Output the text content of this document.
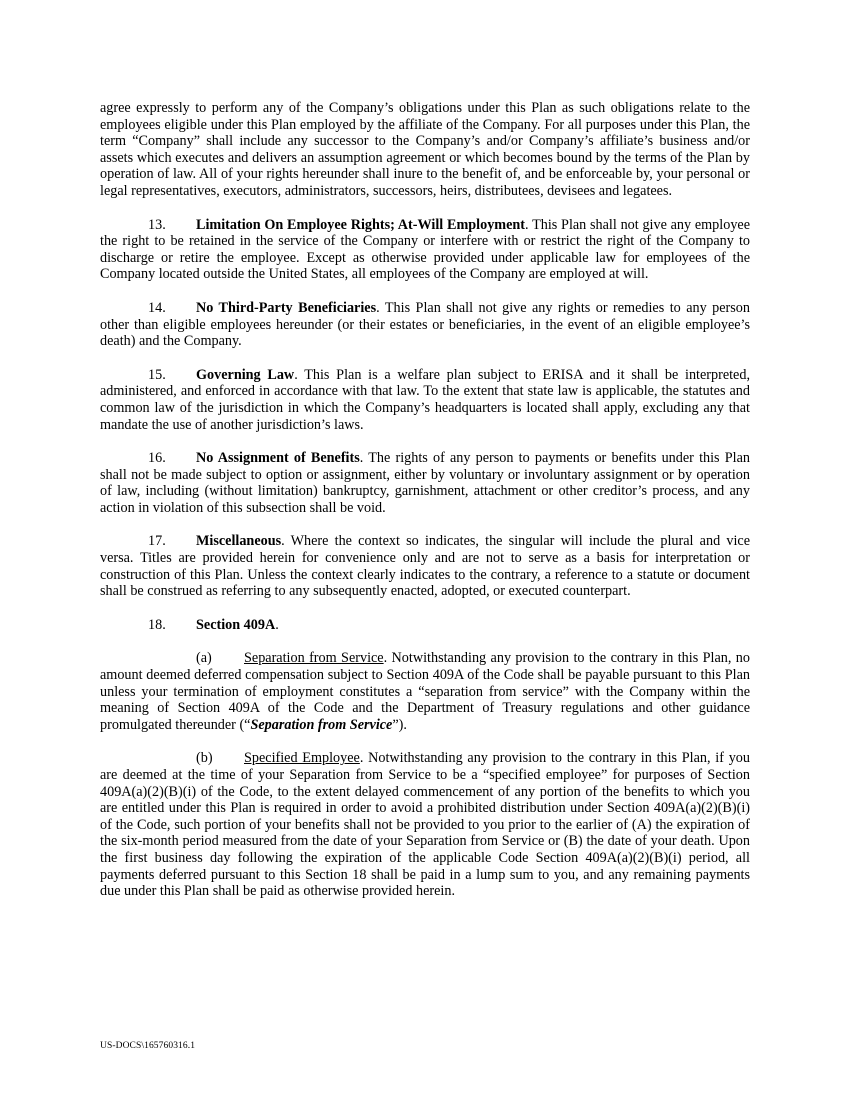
agree expressly to perform any of the Company’s obligations under this Plan as such obligations relate to the employees eligible under this Plan employed by the affiliate of the Company. For all purposes under this Plan, the term “Company” shall include any successor to the Company’s and/or Company’s affiliate’s business and/or assets which executes and delivers an assumption agreement or which becomes bound by the terms of the Plan by operation of law. All of your rights hereunder shall inure to the benefit of, and be enforceable by, your personal or legal representatives, executors, administrators, successors, heirs, distributees, devisees and legatees.

13. Limitation On Employee Rights; At-Will Employment. This Plan shall not give any employee the right to be retained in the service of the Company or interfere with or restrict the right of the Company to discharge or retire the employee. Except as otherwise provided under applicable law for employees of the Company located outside the United States, all employees of the Company are employed at will.

14. No Third-Party Beneficiaries. This Plan shall not give any rights or remedies to any person other than eligible employees hereunder (or their estates or beneficiaries, in the event of an eligible employee’s death) and the Company.

15. Governing Law. This Plan is a welfare plan subject to ERISA and it shall be interpreted, administered, and enforced in accordance with that law. To the extent that state law is applicable, the statutes and common law of the jurisdiction in which the Company’s headquarters is located shall apply, excluding any that mandate the use of another jurisdiction’s laws.

16. No Assignment of Benefits. The rights of any person to payments or benefits under this Plan shall not be made subject to option or assignment, either by voluntary or involuntary assignment or by operation of law, including (without limitation) bankruptcy, garnishment, attachment or other creditor’s process, and any action in violation of this subsection shall be void.

17. Miscellaneous. Where the context so indicates, the singular will include the plural and vice versa. Titles are provided herein for convenience only and are not to serve as a basis for interpretation or construction of this Plan. Unless the context clearly indicates to the contrary, a reference to a statute or document shall be construed as referring to any subsequently enacted, adopted, or executed counterpart.

18. Section 409A.

(a) Separation from Service. Notwithstanding any provision to the contrary in this Plan, no amount deemed deferred compensation subject to Section 409A of the Code shall be payable pursuant to this Plan unless your termination of employment constitutes a “separation from service” with the Company within the meaning of Section 409A of the Code and the Department of Treasury regulations and other guidance promulgated thereunder (“Separation from Service”).

(b) Specified Employee. Notwithstanding any provision to the contrary in this Plan, if you are deemed at the time of your Separation from Service to be a “specified employee” for purposes of Section 409A(a)(2)(B)(i) of the Code, to the extent delayed commencement of any portion of the benefits to which you are entitled under this Plan is required in order to avoid a prohibited distribution under Section 409A(a)(2)(B)(i) of the Code, such portion of your benefits shall not be provided to you prior to the earlier of (A) the expiration of the six-month period measured from the date of your Separation from Service or (B) the date of your death. Upon the first business day following the expiration of the applicable Code Section 409A(a)(2)(B)(i) period, all payments deferred pursuant to this Section 18 shall be paid in a lump sum to you, and any remaining payments due under this Plan shall be paid as otherwise provided herein.

US-DOCS\165760316.1
